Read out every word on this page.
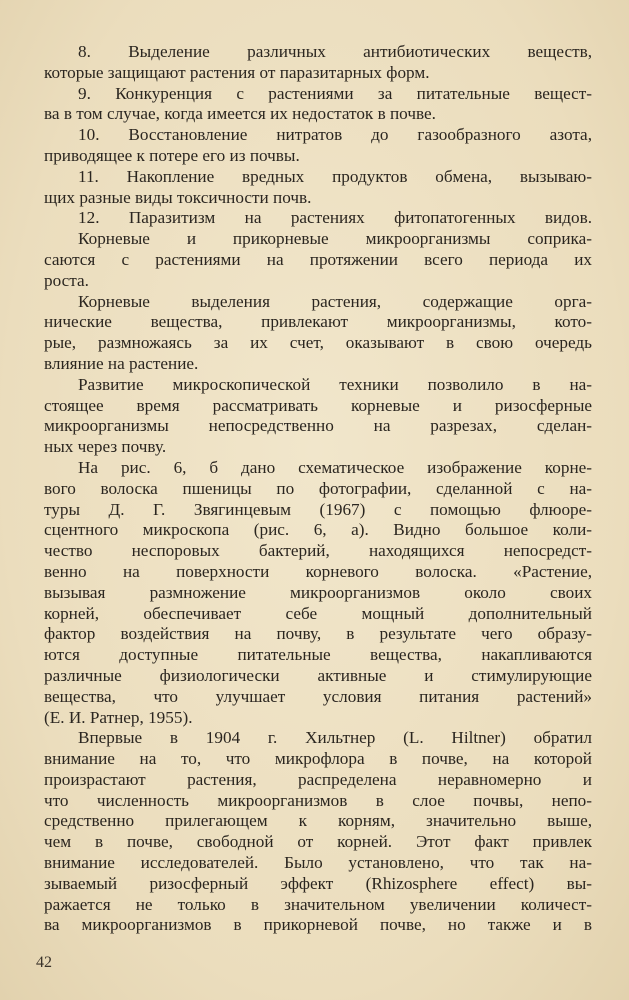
8. Выделение различных антибиотических веществ,
которые защищают растения от паразитарных форм.
9. Конкуренция с растениями за питательные вещест-
ва в том случае, когда имеется их недостаток в почве.
10. Восстановление нитратов до газообразного азота,
приводящее к потере его из почвы.
11. Накопление вредных продуктов обмена, вызываю-
щих разные виды токсичности почв.
12. Паразитизм на растениях фитопатогенных видов.
Корневые и прикорневые микроорганизмы соприка-
саются с растениями на протяжении всего периода их
роста.
Корневые выделения растения, содержащие орга-
нические вещества, привлекают микроорганизмы, кото-
рые, размножаясь за их счет, оказывают в свою очередь
влияние на растение.
Развитие микроскопической техники позволило в на-
стоящее время рассматривать корневые и ризосферные
микроорганизмы непосредственно на разрезах, сделан-
ных через почву.
На рис. 6, б дано схематическое изображение корне-
вого волоска пшеницы по фотографии, сделанной с на-
туры Д. Г. Звягинцевым (1967) с помощью флюоре-
сцентного микроскопа (рис. 6, а). Видно большое коли-
чество неспоровых бактерий, находящихся непосредст-
венно на поверхности корневого волоска. «Растение,
вызывая размножение микроорганизмов около своих
корней, обеспечивает себе мощный дополнительный
фактор воздействия на почву, в результате чего образу-
ются доступные питательные вещества, накапливаются
различные физиологически активные и стимулирующие
вещества, что улучшает условия питания растений»
(Е. И. Ратнер, 1955).
Впервые в 1904 г. Хильтнер (L. Hiltner) обратил
внимание на то, что микрофлора в почве, на которой
произрастают растения, распределена неравномерно и
что численность микроорганизмов в слое почвы, непо-
средственно прилегающем к корням, значительно выше,
чем в почве, свободной от корней. Этот факт привлек
внимание исследователей. Было установлено, что так на-
зываемый ризосферный эффект (Rhizosphere effect) вы-
ражается не только в значительном увеличении количест-
ва микроорганизмов в прикорневой почве, но также и в
42
